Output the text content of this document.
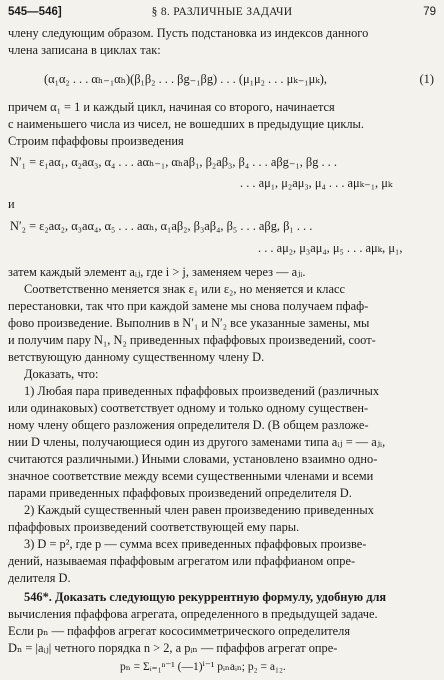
545—546]	§ 8. РАЗЛИЧНЫЕ ЗАДАЧИ	79
члену следующим образом. Пусть подстановка из индексов данного
члена записана в циклах так:
(α₁α₂ . . . αₕ₋₁αₕ)(β₁β₂ . . . βg₋₁βg) . . . (μ₁μ₂ . . . μₖ₋₁μₖ),	(1)
причем α₁ = 1 и каждый цикл, начиная со второго, начинается
с наименьшего числа из чисел, не вошедших в предыдущие циклы.
Строим пфаффовы произведения
N′₁ = ε₁aα₁, α₂aα₃, α₄ . . . aαₕ₋₁, αₕaβ₁, β₂aβ₃, β₄ . . . aβg₋₁, βg . . .
. . . aμ₁, μ₂aμ₃, μ₄ . . . aμₖ₋₁, μₖ
и
N′₂ = ε₂aα₂, α₃aα₄, α₅ . . . aαₕ, α₁aβ₂, β₃aβ₄, β₅ . . . aβg, β₁ . . .
. . . aμ₂, μ₃aμ₄, μ₅ . . . aμₖ, μ₁,
затем каждый элемент aᵢⱼ, где i > j, заменяем через — aⱼᵢ.
Соответственно меняется знак ε₁ или ε₂, но меняется и класс
перестановки, так что при каждой замене мы снова получаем пфаф-
фово произведение. Выполнив в N′₁ и N′₂ все указанные замены, мы
и получим пару N₁, N₂ приведенных пфаффовых произведений, соот-
ветствующую данному существенному члену D.
Доказать, что:
1) Любая пара приведенных пфаффовых произведений (различных
или одинаковых) соответствует одному и только одному существен-
ному члену общего разложения определителя D. (В общем разложе-
нии D члены, получающиеся один из другого заменами типа aᵢⱼ = — aⱼᵢ,
считаются различными.) Иными словами, установлено взаимно одно-
значное соответствие между всеми существенными членами и всеми
парами приведенных пфаффовых произведений определителя D.
2) Каждый существенный член равен произведению приведенных
пфаффовых произведений соответствующей ему пары.
3) D = p², где p — сумма всех приведенных пфаффовых произве-
дений, называемая пфаффовым агрегатом или пфаффианом опре-
делителя D.
546*. Доказать следующую рекуррентную формулу, удобную для
вычисления пфаффова агрегата, определенного в предыдущей задаче.
Если pₙ — пфаффов агрегат кососимметрического определителя
Dₙ = |aᵢⱼ| четного порядка n > 2, а pᵢₙ — пфаффов агрегат опре-
pₙ = Σᵢ₌₁ⁿ⁻¹ (—1)ⁱ⁻¹ pᵢₙaᵢₙ; p₂ = a₁₂.
